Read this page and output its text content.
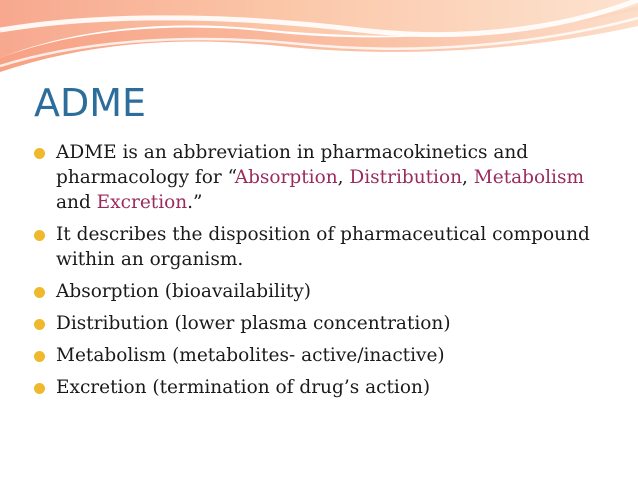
ADME
ADME is an abbreviation in pharmacokinetics and pharmacology for “Absorption, Distribution, Metabolism and Excretion.”
It describes the disposition of pharmaceutical compound within an organism.
Absorption (bioavailability)
Distribution (lower plasma concentration)
Metabolism (metabolites- active/inactive)
Excretion (termination of drug’s action)
